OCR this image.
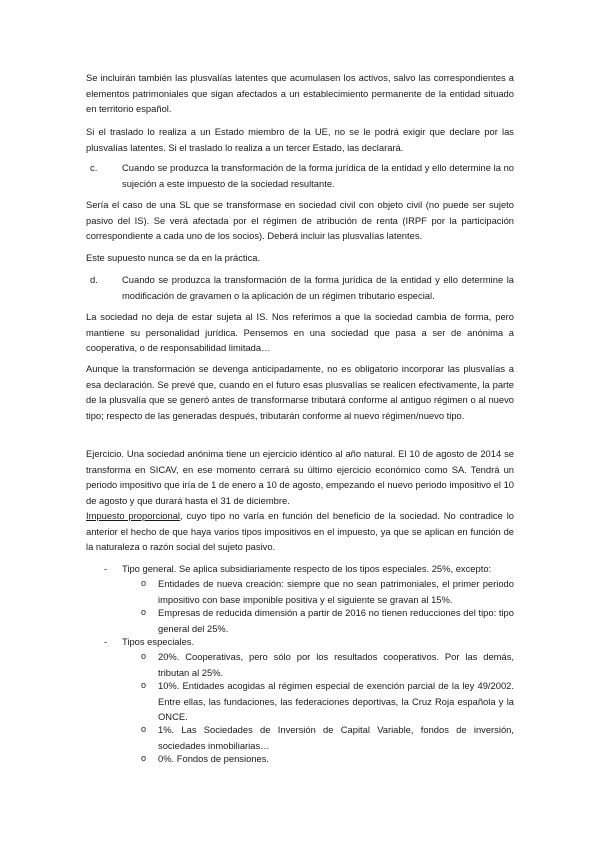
Se incluirán también las plusvalías latentes que acumulasen los activos, salvo las correspondientes a elementos patrimoniales que sigan afectados a un establecimiento permanente de la entidad situado en territorio español.

Si el traslado lo realiza a un Estado miembro de la UE, no se le podrá exigir que declare por las plusvalías latentes. Si el traslado lo realiza a un tercer Estado, las declarará.

c.	Cuando se produzca la transformación de la forma jurídica de la entidad y ello determine la no sujeción a este impuesto de la sociedad resultante.

Sería el caso de una SL que se transformase en sociedad civil con objeto civil (no puede ser sujeto pasivo del IS). Se verá afectada por el régimen de atribución de renta (IRPF por la participación correspondiente a cada uno de los socios). Deberá incluir las plusvalías latentes.

Este supuesto nunca se da en la práctica.

d.	Cuando se produzca la transformación de la forma jurídica de la entidad y ello determine la modificación de gravamen o la aplicación de un régimen tributario especial.

La sociedad no deja de estar sujeta al IS. Nos referimos a que la sociedad cambia de forma, pero mantiene su personalidad jurídica. Pensemos en una sociedad que pasa a ser de anónima a cooperativa, o de responsabilidad limitada…

Aunque la transformación se devenga anticipadamente, no es obligatorio incorporar las plusvalías a esa declaración. Se prevé que, cuando en el futuro esas plusvalías se realicen efectivamente, la parte de la plusvalía que se generó antes de transformarse tributará conforme al antiguo régimen o al nuevo tipo; respecto de las generadas después, tributarán conforme al nuevo régimen/nuevo tipo.

Ejercicio. Una sociedad anónima tiene un ejercicio idéntico al año natural. El 10 de agosto de 2014 se transforma en SICAV, en ese momento cerrará su último ejercicio económico como SA. Tendrá un periodo impositivo que iría de 1 de enero a 10 de agosto, empezando el nuevo periodo impositivo el 10 de agosto y que durará hasta el 31 de diciembre.

Impuesto proporcional, cuyo tipo no varía en función del beneficio de la sociedad. No contradice lo anterior el hecho de que haya varios tipos impositivos en el impuesto, ya que se aplican en función de la naturaleza o razón social del sujeto pasivo.

- Tipo general. Se aplica subsidiariamente respecto de los tipos especiales. 25%, excepto:
o Entidades de nueva creación: siempre que no sean patrimoniales, el primer periodo impositivo con base imponible positiva y el siguiente se gravan al 15%.
o Empresas de reducida dimensión a partir de 2016 no tienen reducciones del tipo: tipo general del 25%.
- Tipos especiales.
o 20%. Cooperativas, pero sólo por los resultados cooperativos. Por las demás, tributan al 25%.
o 10%. Entidades acogidas al régimen especial de exención parcial de la ley 49/2002. Entre ellas, las fundaciones, las federaciones deportivas, la Cruz Roja española y la ONCE.
o 1%. Las Sociedades de Inversión de Capital Variable, fondos de inversión, sociedades inmobiliarias…
o 0%. Fondos de pensiones.
